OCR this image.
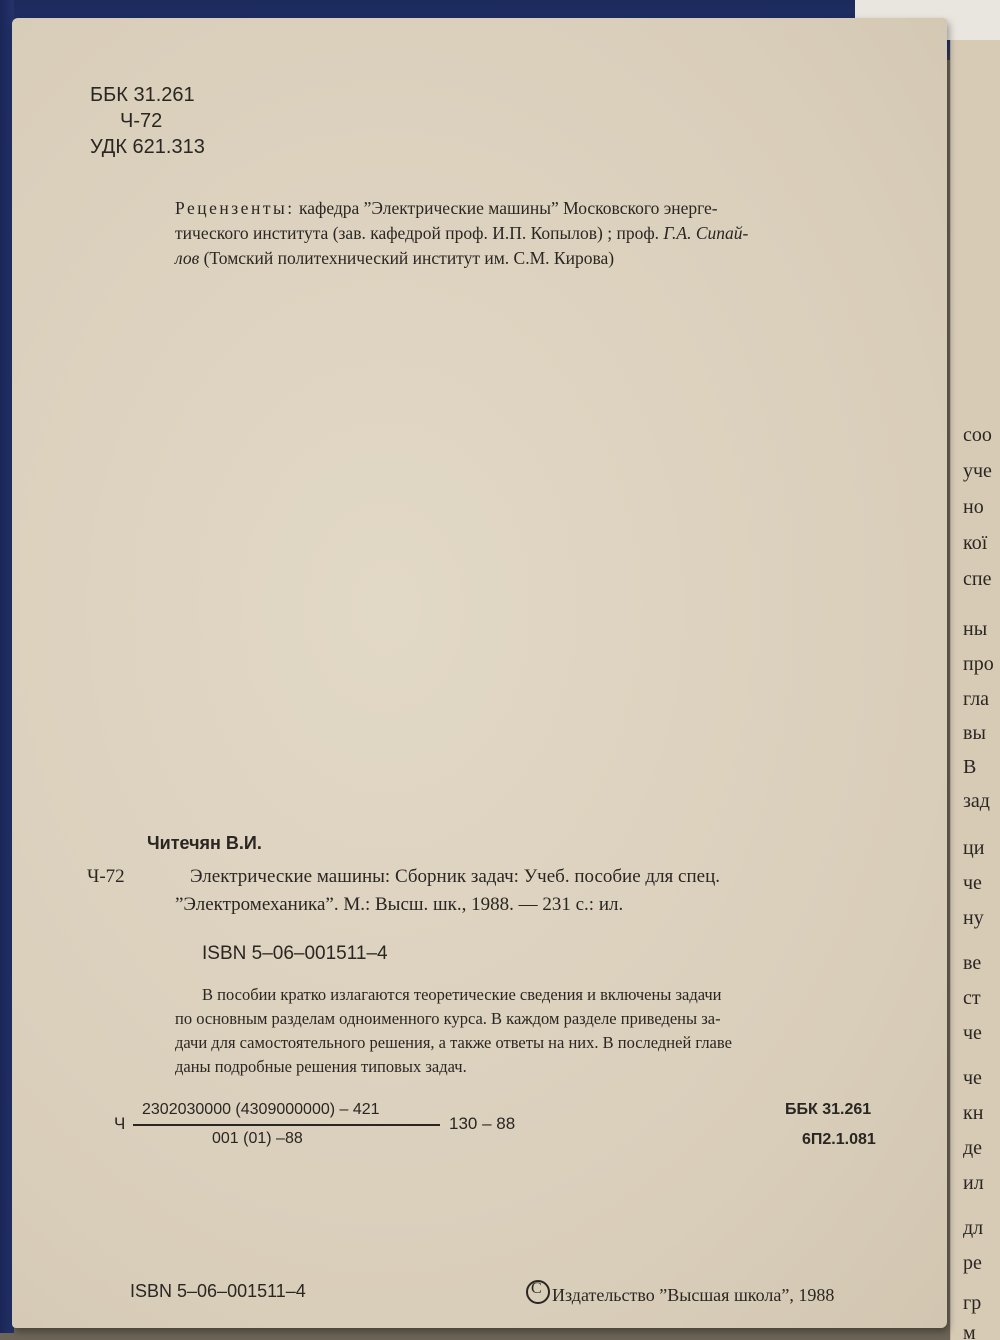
coo
уче
но
кої
спе
ны
про
гла
вы
В
зад
ци
че
ну
ве
ст
че
че
кн
де
ил
дл
ре
гр
м
ББК 31.261
Ч-72
УДК 621.313
Рецензенты: кафедра ”Электрические машины” Московского энерге-
тического института (зав. кафедрой проф. И.П. Копылов) ; проф. Г.А. Сипай-
лов (Томский политехнический институт им. С.М. Кирова)
Читечян В.И.
Ч-72	Электрические машины: Сборник задач: Учеб. пособие для спец.
”Электромеханика”. М.: Высш. шк., 1988. — 231 с.: ил.
ISBN 5–06–001511–4
В пособии кратко излагаются теоретические сведения и включены задачи
по основным разделам одноименного курса. В каждом разделе приведены за-
дачи для самостоятельного решения, а также ответы на них. В последней главе
даны подробные решения типовых задач.
Ч
2302030000 (4309000000) – 421
001 (01) –88
130 – 88
ББК 31.261
6П2.1.081
ISBN 5–06–001511–4
С	Издательство ”Высшая школа”, 1988
